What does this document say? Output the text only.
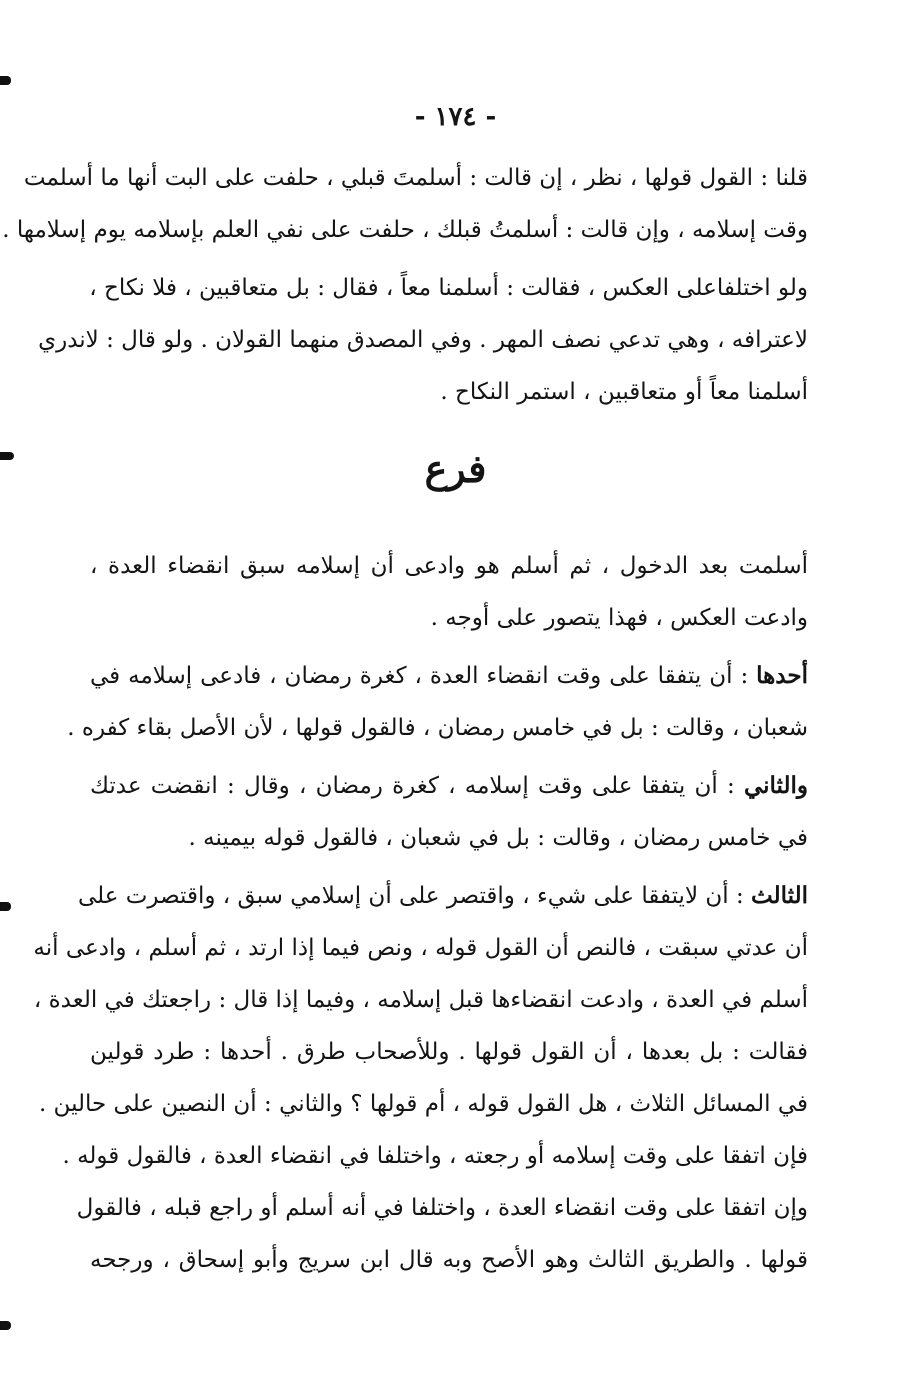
- ١٧٤ -
قلنا : القول قولها ، نظر ، إن قالت : أسلمتَ قبلي ، حلفت على البت أنها ما أسلمت
وقت إسلامه ، وإن قالت : أسلمتُ قبلك ، حلفت على نفي العلم بإسلامه يوم إسلامها .
ولو اختلفاعلى العكس ، فقالت : أسلمنا معاً ، فقال : بل متعاقبين ، فلا نكاح ،
لاعترافه ، وهي تدعي نصف المهر . وفي المصدق منهما القولان . ولو قال : لاندري
أسلمنا معاً أو متعاقبين ، استمر النكاح .
فرع
أسلمت بعد الدخول ، ثم أسلم هو وادعى أن إسلامه سبق انقضاء العدة ،
وادعت العكس ، فهذا يتصور على أوجه .
أحدها : أن يتفقا على وقت انقضاء العدة ، كغرة رمضان ، فادعى إسلامه في
شعبان ، وقالت : بل في خامس رمضان ، فالقول قولها ، لأن الأصل بقاء كفره .
والثاني : أن يتفقا على وقت إسلامه ، كغرة رمضان ، وقال : انقضت عدتك
في خامس رمضان ، وقالت : بل في شعبان ، فالقول قوله بيمينه .
الثالث : أن لايتفقا على شيء ، واقتصر على أن إسلامي سبق ، واقتصرت على
أن عدتي سبقت ، فالنص أن القول قوله ، ونص فيما إذا ارتد ، ثم أسلم ، وادعى أنه
أسلم في العدة ، وادعت انقضاءها قبل إسلامه ، وفيما إذا قال : راجعتك في العدة ،
فقالت : بل بعدها ، أن القول قولها . وللأصحاب طرق . أحدها : طرد قولين
في المسائل الثلاث ، هل القول قوله ، أم قولها ؟ والثاني : أن النصين على حالين .
فإن اتفقا على وقت إسلامه أو رجعته ، واختلفا في انقضاء العدة ، فالقول قوله .
وإن اتفقا على وقت انقضاء العدة ، واختلفا في أنه أسلم أو راجع قبله ، فالقول
قولها . والطريق الثالث وهو الأصح وبه قال ابن سريج وأبو إسحاق ، ورجحه
